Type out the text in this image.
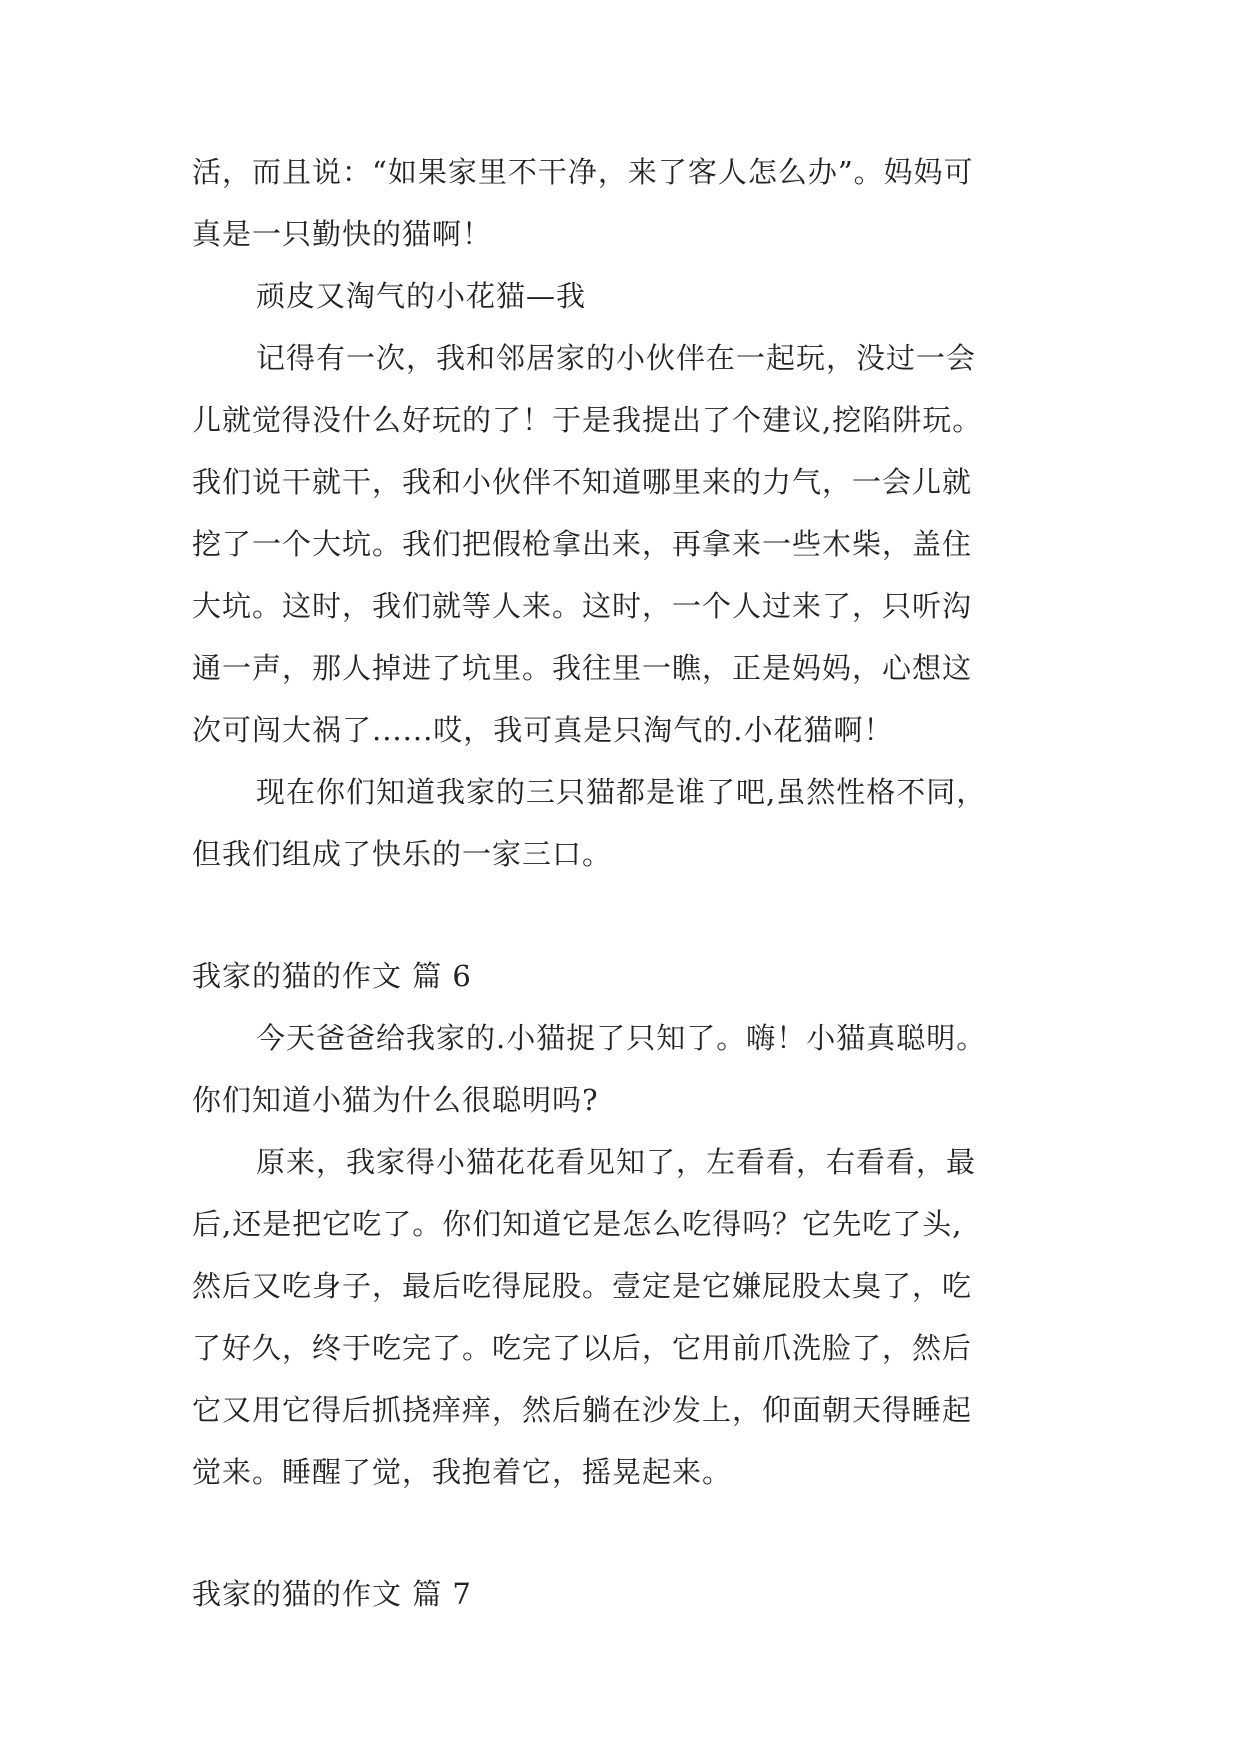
活，而且说：“如果家里不干净，来了客人怎么办”。妈妈可
真是一只勤快的猫啊！
顽皮又淘气的小花猫—我
记得有一次，我和邻居家的小伙伴在一起玩，没过一会
儿就觉得没什么好玩的了！于是我提出了个建议,挖陷阱玩。
我们说干就干，我和小伙伴不知道哪里来的力气，一会儿就
挖了一个大坑。我们把假枪拿出来，再拿来一些木柴，盖住
大坑。这时，我们就等人来。这时，一个人过来了，只听沟
通一声，那人掉进了坑里。我往里一瞧，正是妈妈，心想这
次可闯大祸了......哎，我可真是只淘气的.小花猫啊！
现在你们知道我家的三只猫都是谁了吧,虽然性格不同，
但我们组成了快乐的一家三口。
我家的猫的作文 篇 6
今天爸爸给我家的.小猫捉了只知了。嗨！小猫真聪明。
你们知道小猫为什么很聪明吗?
原来，我家得小猫花花看见知了，左看看，右看看，最
后,还是把它吃了。你们知道它是怎么吃得吗？它先吃了头,
然后又吃身子，最后吃得屁股。壹定是它嫌屁股太臭了，吃
了好久，终于吃完了。吃完了以后，它用前爪洗脸了，然后
它又用它得后抓挠痒痒，然后躺在沙发上，仰面朝天得睡起
觉来。睡醒了觉，我抱着它，摇晃起来。
我家的猫的作文 篇 7
